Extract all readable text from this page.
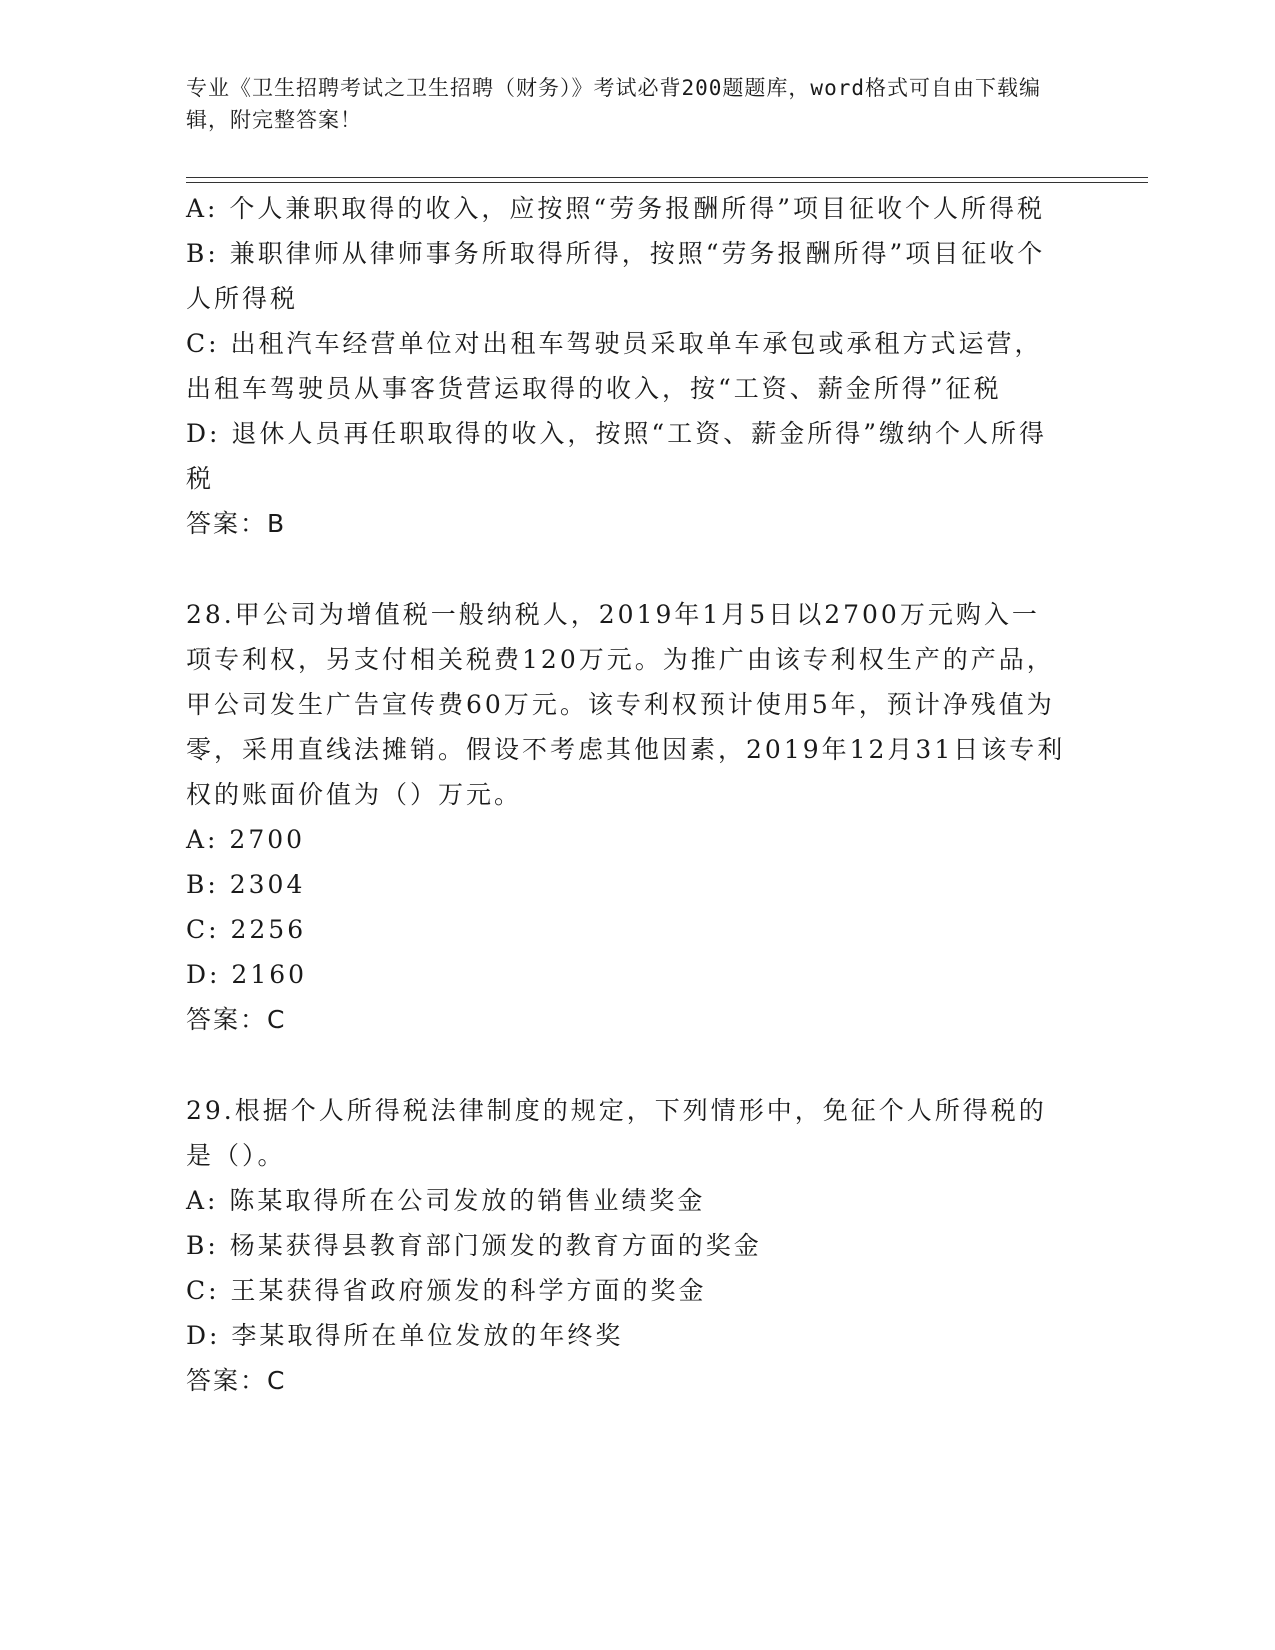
专业《卫生招聘考试之卫生招聘（财务）》考试必背200题题库，word格式可自由下载编辑，附完整答案！

A: 个人兼职取得的收入，应按照“劳务报酬所得”项目征收个人所得税

B: 兼职律师从律师事务所取得所得，按照“劳务报酬所得”项目征收个人所得税

C: 出租汽车经营单位对出租车驾驶员采取单车承包或承租方式运营，出租车驾驶员从事客货营运取得的收入，按“工资、薪金所得”征税

D: 退休人员再任职取得的收入，按照“工资、薪金所得”缴纳个人所得税

答案：B

28.甲公司为增值税一般纳税人，2019年1月5日以2700万元购入一项专利权，另支付相关税费120万元。为推广由该专利权生产的产品，甲公司发生广告宣传费60万元。该专利权预计使用5年，预计净残值为零，采用直线法摊销。假设不考虑其他因素，2019年12月31日该专利权的账面价值为（）万元。

A: 2700

B: 2304

C: 2256

D: 2160

答案：C

29.根据个人所得税法律制度的规定，下列情形中，免征个人所得税的是（）。

A: 陈某取得所在公司发放的销售业绩奖金

B: 杨某获得县教育部门颁发的教育方面的奖金

C: 王某获得省政府颁发的科学方面的奖金

D: 李某取得所在单位发放的年终奖

答案：C
